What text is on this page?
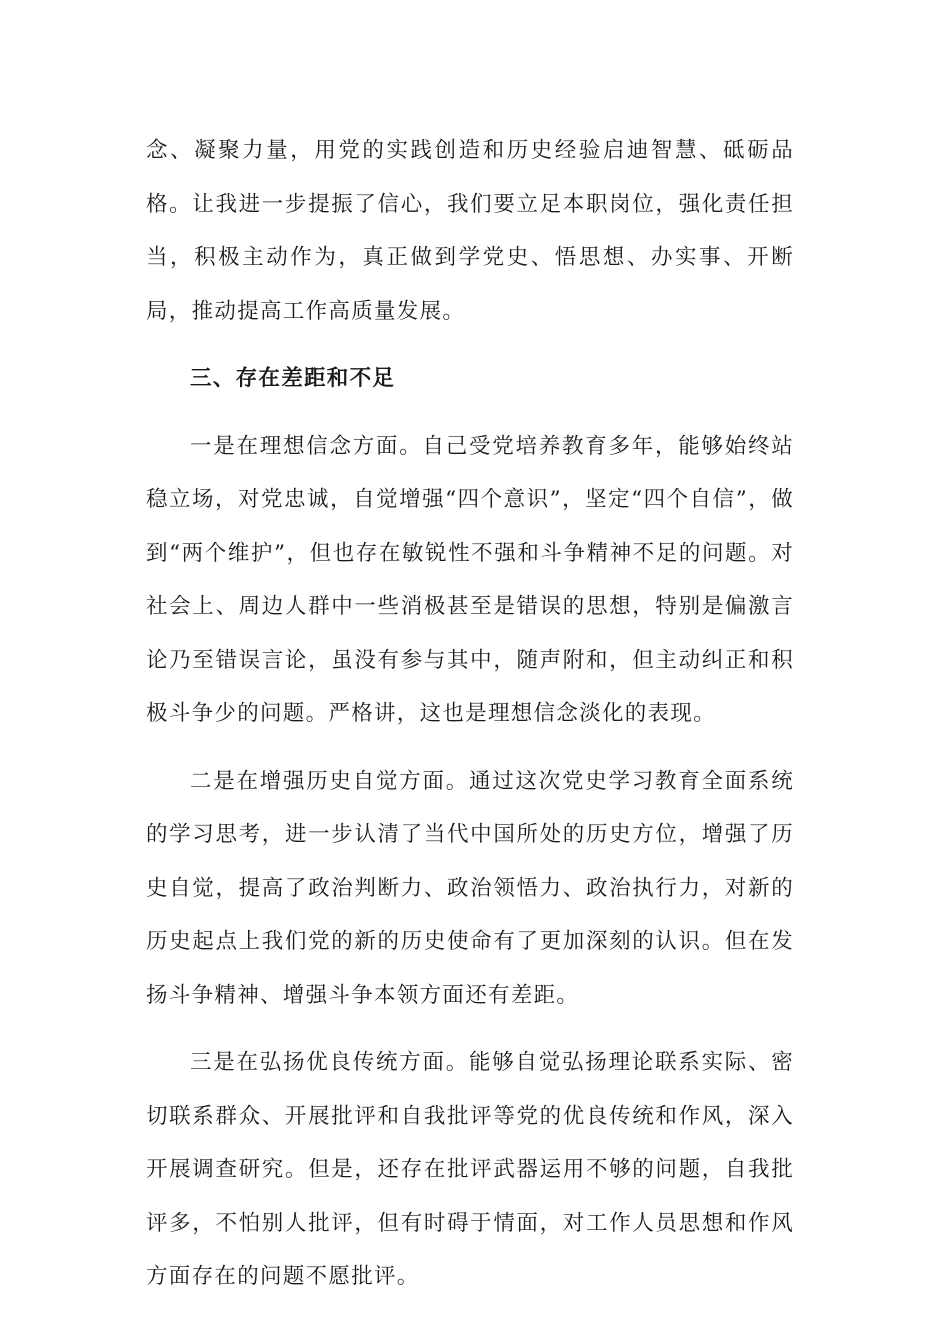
念、凝聚力量，用党的实践创造和历史经验启迪智慧、砥砺品格。让我进一步提振了信心，我们要立足本职岗位，强化责任担当，积极主动作为，真正做到学党史、悟思想、办实事、开断局，推动提高工作高质量发展。

三、存在差距和不足

一是在理想信念方面。自己受党培养教育多年，能够始终站稳立场，对党忠诚，自觉增强“四个意识”，坚定“四个自信”，做到“两个维护”，但也存在敏锐性不强和斗争精神不足的问题。对社会上、周边人群中一些消极甚至是错误的思想，特别是偏激言论乃至错误言论，虽没有参与其中，随声附和，但主动纠正和积极斗争少的问题。严格讲，这也是理想信念淡化的表现。

二是在增强历史自觉方面。通过这次党史学习教育全面系统的学习思考，进一步认清了当代中国所处的历史方位，增强了历史自觉，提高了政治判断力、政治领悟力、政治执行力，对新的历史起点上我们党的新的历史使命有了更加深刻的认识。但在发扬斗争精神、增强斗争本领方面还有差距。

三是在弘扬优良传统方面。能够自觉弘扬理论联系实际、密切联系群众、开展批评和自我批评等党的优良传统和作风，深入开展调查研究。但是，还存在批评武器运用不够的问题，自我批评多，不怕别人批评，但有时碍于情面，对工作人员思想和作风方面存在的问题不愿批评。
